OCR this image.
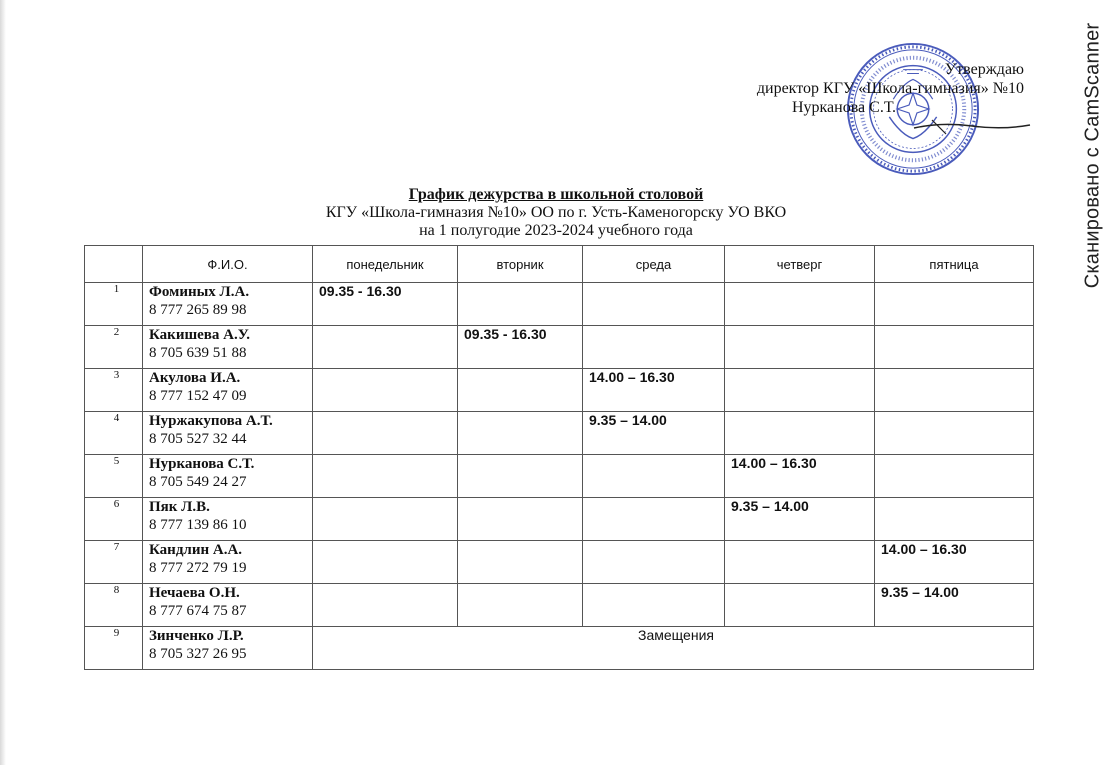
Сканировано с CamScanner
Утверждаю
директор КГУ «Школа-гимназия» №10
Нурканова С.Т.
График дежурства в школьной столовой
КГУ «Школа-гимназия №10» ОО по г. Усть-Каменогорску УО ВКО
на 1 полугодие 2023-2024 учебного года
	Ф.И.О.	понедельник	вторник	среда	четверг	пятница
1	Фоминых Л.А.
8 777 265 89 98	09.35 - 16.30				
2	Какишева А.У.
8 705 639 51 88		09.35 - 16.30			
3	Акулова И.А.
8 777 152 47 09			14.00 – 16.30		
4	Нуржакупова А.Т.
8 705 527 32 44			9.35 – 14.00		
5	Нурканова С.Т.
8 705 549 24 27				14.00 – 16.30	
6	Пяк Л.В.
8 777 139 86 10				9.35 – 14.00	
7	Кандлин А.А.
8 777 272 79 19					14.00 – 16.30
8	Нечаева О.Н.
8 777 674 75 87					9.35 – 14.00
9	Зинченко Л.Р.
8 705 327 26 95	Замещения				
